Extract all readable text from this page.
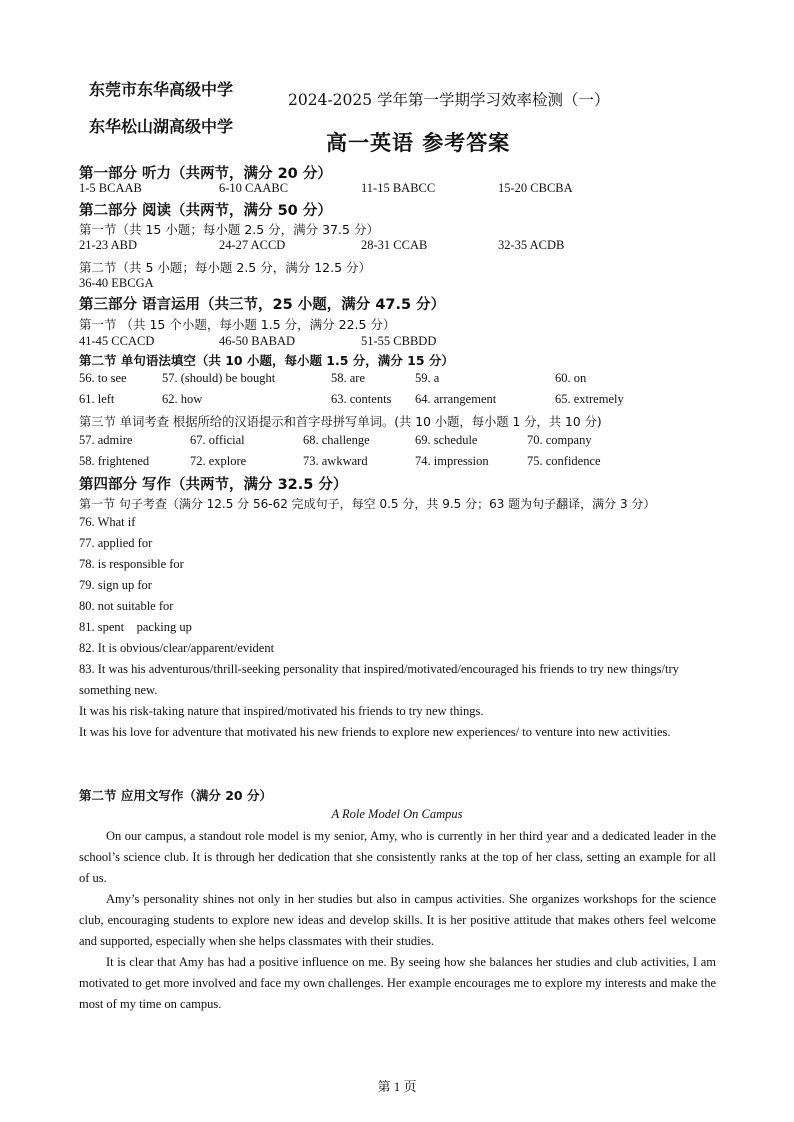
东莞市东华高级中学
东华松山湖高级中学
2024-2025 学年第一学期学习效率检测（一）
高一英语 参考答案
第一部分 听力（共两节，满分 20 分）
1-5 BCAAB	6-10 CAABC	11-15 BABCC	15-20 CBCBA
第二部分 阅读（共两节，满分 50 分）
第一节（共 15 小题；每小题 2.5 分，满分 37.5 分）
21-23 ABD	24-27 ACCD	28-31 CCAB	32-35 ACDB
第二节（共 5 小题；每小题 2.5 分，满分 12.5 分）
36-40 EBCGA
第三部分 语言运用（共三节，25 小题，满分 47.5 分）
第一节 （共 15 个小题，每小题 1.5 分，满分 22.5 分）
41-45 CCACD	46-50 BABAD	51-55 CBBDD
第二节 单句语法填空（共 10 小题，每小题 1.5 分，满分 15 分）
56. to see	57. (should) be bought	58. are	59. a	60. on
61. left	62. how	63. contents 64. arrangement	65. extremely
第三节 单词考查 根据所给的汉语提示和首字母拼写单词。(共 10 小题，每小题 1 分，共 10 分)
57. admire	67. official	68. challenge	69. schedule	70. company
58. frightened	72. explore	73. awkward	74. impression	75. confidence
第四部分 写作（共两节，满分 32.5 分）
第一节 句子考查（满分 12.5 分 56-62 完成句子，每空 0.5 分，共 9.5 分；63 题为句子翻译，满分 3 分）
76. What if
77. applied for
78. is responsible for
79. sign up for
80. not suitable for
81. spent    packing up
82. It is obvious/clear/apparent/evident
83. It was his adventurous/thrill-seeking personality that inspired/motivated/encouraged his friends to try new things/try something new.
It was his risk-taking nature that inspired/motivated his friends to try new things.
It was his love for adventure that motivated his new friends to explore new experiences/ to venture into new activities.
第二节 应用文写作（满分 20 分）
A Role Model On Campus
On our campus, a standout role model is my senior, Amy, who is currently in her third year and a dedicated leader in the school’s science club. It is through her dedication that she consistently ranks at the top of her class, setting an example for all of us.
Amy’s personality shines not only in her studies but also in campus activities. She organizes workshops for the science club, encouraging students to explore new ideas and develop skills. It is her positive attitude that makes others feel welcome and supported, especially when she helps classmates with their studies.
It is clear that Amy has had a positive influence on me. By seeing how she balances her studies and club activities, I am motivated to get more involved and face my own challenges. Her example encourages me to explore my interests and make the most of my time on campus.
第 1 页
